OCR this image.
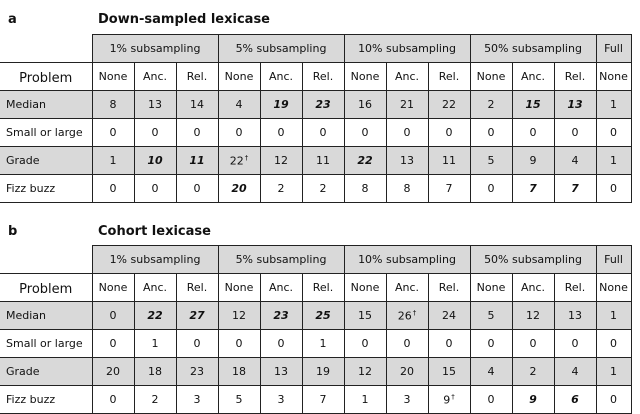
a	Down-sampled lexicase
	1% subsampling			5% subsampling			10% subsampling			50% subsampling			Full
Problem	None	Anc.	Rel.	None	Anc.	Rel.	None	Anc.	Rel.	None	Anc.	Rel.	None
Median	8	13	14	4	19	23	16	21	22	2	15	13	1
Small or large	0	0	0	0	0	0	0	0	0	0	0	0	0
Grade	1	10	11	22†	12	11	22	13	11	5	9	4	1
Fizz buzz	0	0	0	20	2	2	8	8	7	0	7	7	0
b	Cohort lexicase
	1% subsampling			5% subsampling			10% subsampling			50% subsampling			Full
Problem	None	Anc.	Rel.	None	Anc.	Rel.	None	Anc.	Rel.	None	Anc.	Rel.	None
Median	0	22	27	12	23	25	15	26†	24	5	12	13	1
Small or large	0	1	0	0	0	1	0	0	0	0	0	0	0
Grade	20	18	23	18	13	19	12	20	15	4	2	4	1
Fizz buzz	0	2	3	5	3	7	1	3	9†	0	9	6	0
